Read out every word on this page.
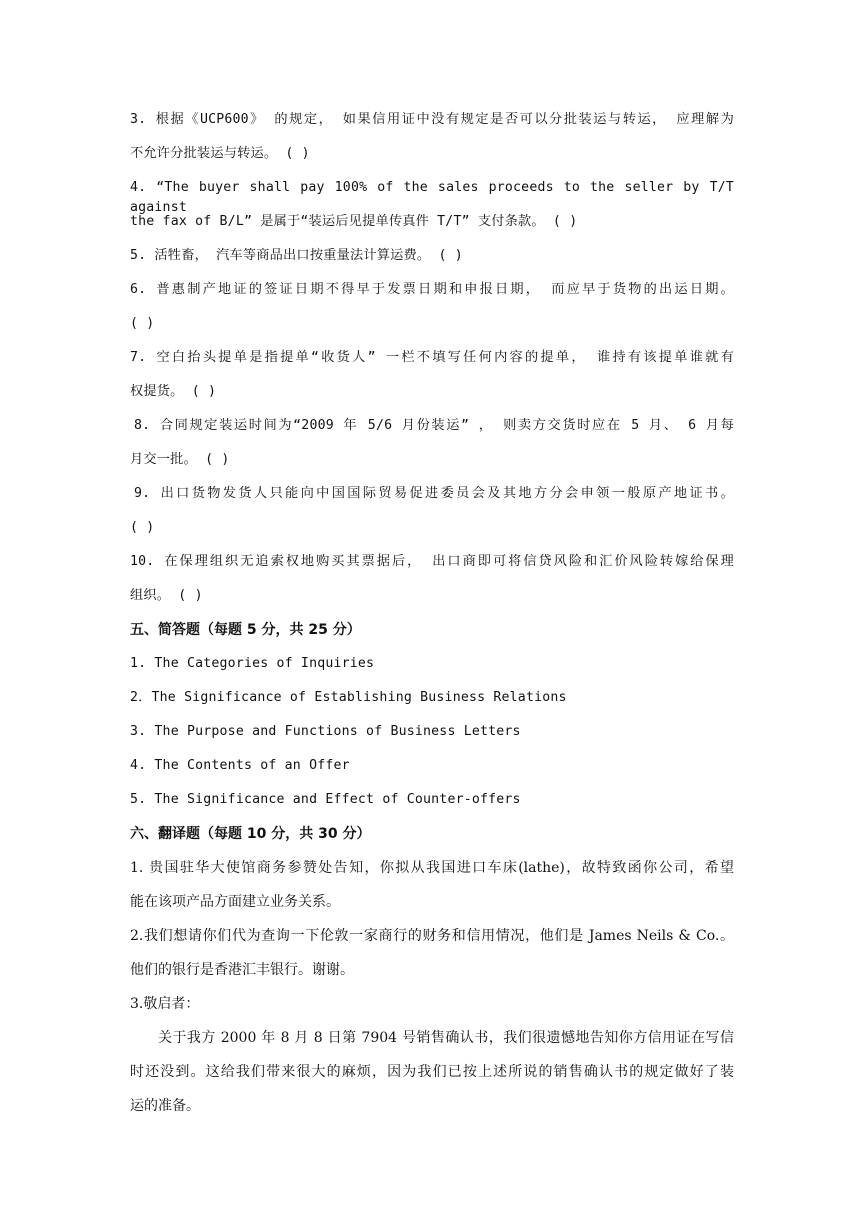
3. 根据《UCP600》 的规定， 如果信用证中没有规定是否可以分批装运与转运， 应理解为
不允许分批装运与转运。 ( )
4. “The buyer shall pay 100% of the sales proceeds to the seller by T/T against
the fax of B/L” 是属于“装运后见提单传真件 T/T” 支付条款。 ( )
5. 活牲畜， 汽车等商品出口按重量法计算运费。 ( )
6. 普惠制产地证的签证日期不得早于发票日期和申报日期， 而应早于货物的出运日期。
( )
7. 空白抬头提单是指提单“收货人” 一栏不填写任何内容的提单， 谁持有该提单谁就有
权提货。 ( )
8. 合同规定装运时间为“2009 年 5/6 月份装运” ， 则卖方交货时应在 5 月、 6 月每
月交一批。 ( )
9. 出口货物发货人只能向中国国际贸易促进委员会及其地方分会申领一般原产地证书。
( )
10. 在保理组织无追索权地购买其票据后， 出口商即可将信贷风险和汇价风险转嫁给保理
组织。 ( )
五、简答题（每题 5 分，共 25 分）
1. The Categories of Inquiries
2．The Significance of Establishing Business Relations
3. The Purpose and Functions of Business Letters
4. The Contents of an Offer
5. The Significance and Effect of Counter-offers
六、翻译题（每题 10 分，共 30 分）
1. 贵国驻华大使馆商务参赞处告知，你拟从我国进口车床(lathe)，故特致函你公司，希望
能在该项产品方面建立业务关系。
2.我们想请你们代为查询一下伦敦一家商行的财务和信用情况，他们是 James Neils & Co.。
他们的银行是香港汇丰银行。谢谢。
3.敬启者：
关于我方 2000 年 8 月 8 日第 7904 号销售确认书，我们很遗憾地告知你方信用证在写信
时还没到。这给我们带来很大的麻烦，因为我们已按上述所说的销售确认书的规定做好了装
运的准备。
